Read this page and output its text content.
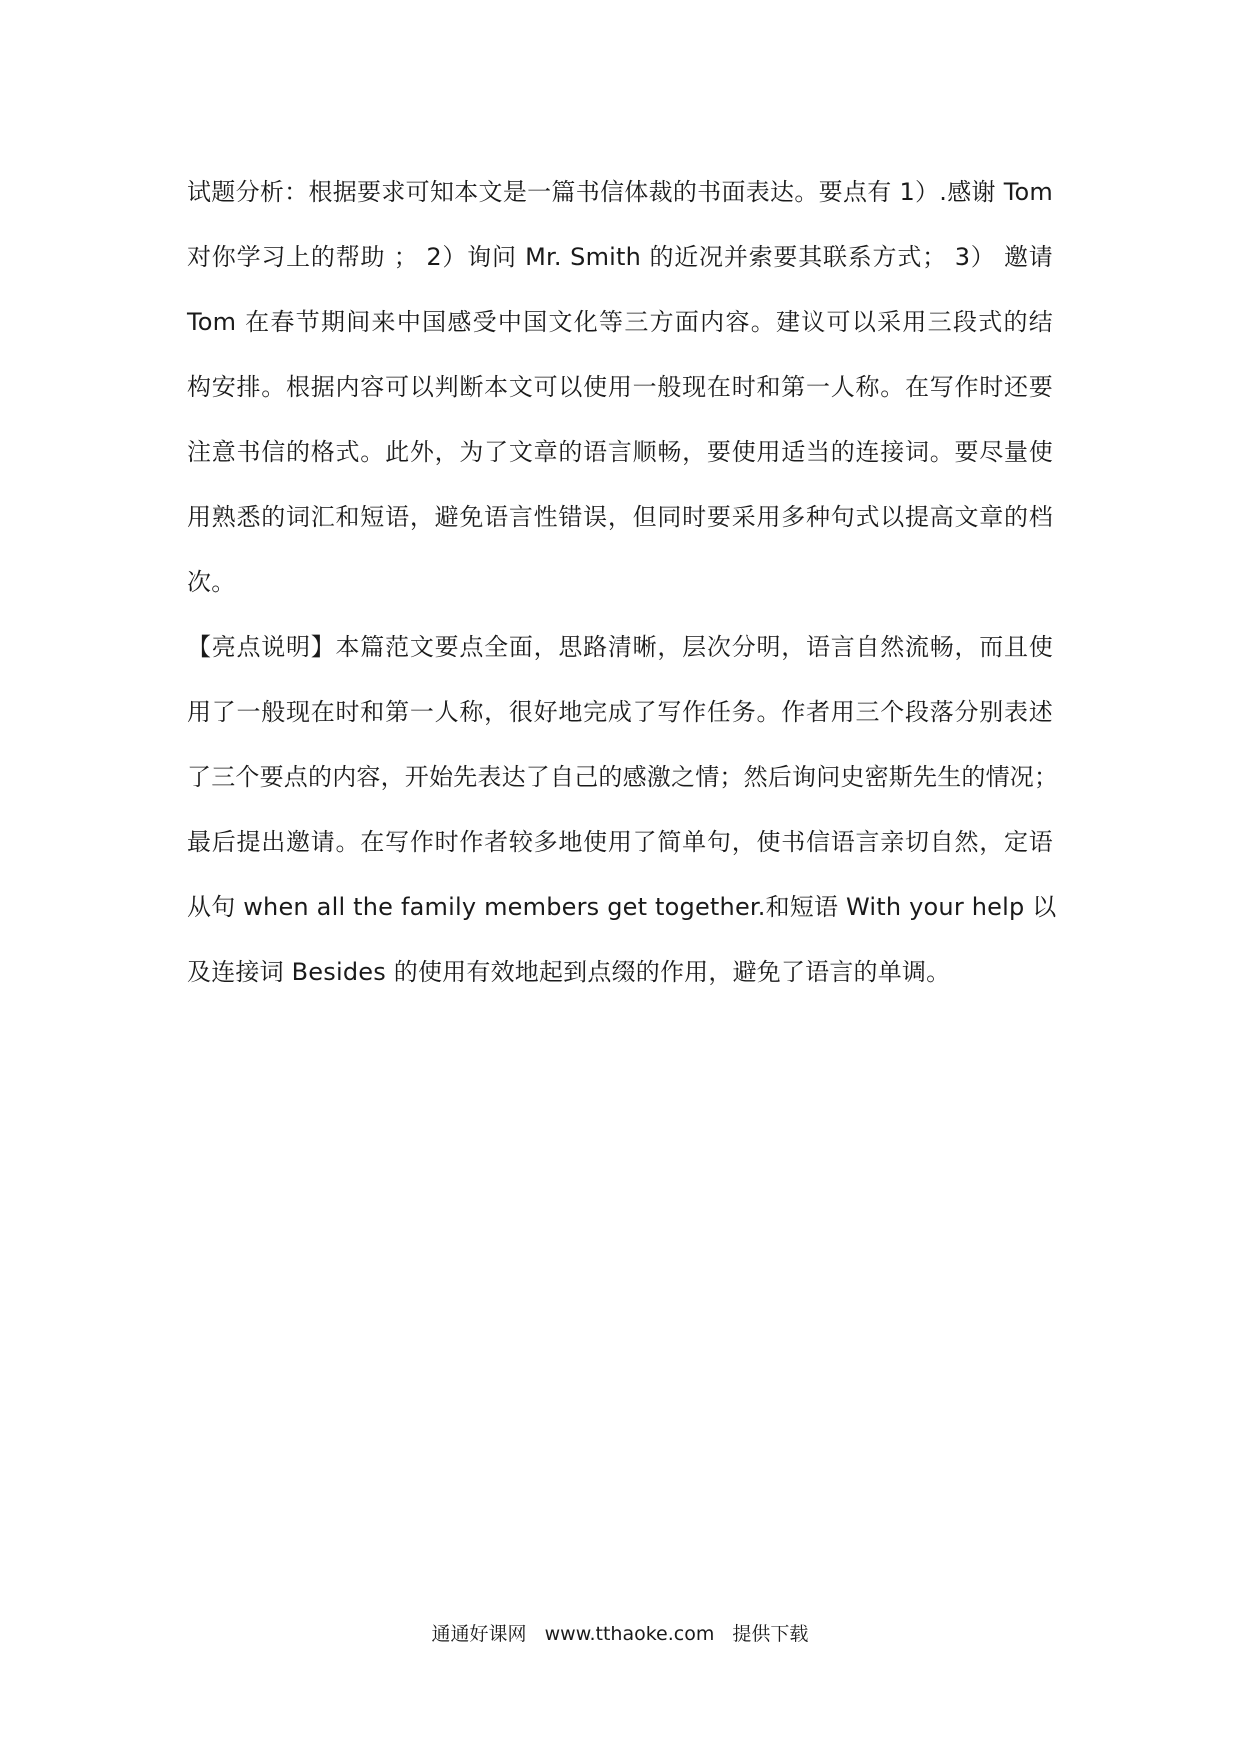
试题分析：根据要求可知本文是一篇书信体裁的书面表达。要点有 1）.感谢 Tom
对你学习上的帮助 ； 2）询问 Mr. Smith 的近况并索要其联系方式； 3） 邀请
Tom 在春节期间来中国感受中国文化等三方面内容。建议可以采用三段式的结
构安排。根据内容可以判断本文可以使用一般现在时和第一人称。在写作时还要
注意书信的格式。此外，为了文章的语言顺畅，要使用适当的连接词。要尽量使
用熟悉的词汇和短语，避免语言性错误，但同时要采用多种句式以提高文章的档
次。
【亮点说明】本篇范文要点全面，思路清晰，层次分明，语言自然流畅，而且使
用了一般现在时和第一人称，很好地完成了写作任务。作者用三个段落分别表述
了三个要点的内容，开始先表达了自己的感激之情；然后询问史密斯先生的情况；
最后提出邀请。在写作时作者较多地使用了简单句，使书信语言亲切自然，定语
从句 when all the family members get together.和短语 With your help 以
及连接词 Besides 的使用有效地起到点缀的作用，避免了语言的单调。
通通好课网 www.tthaoke.com 提供下载
